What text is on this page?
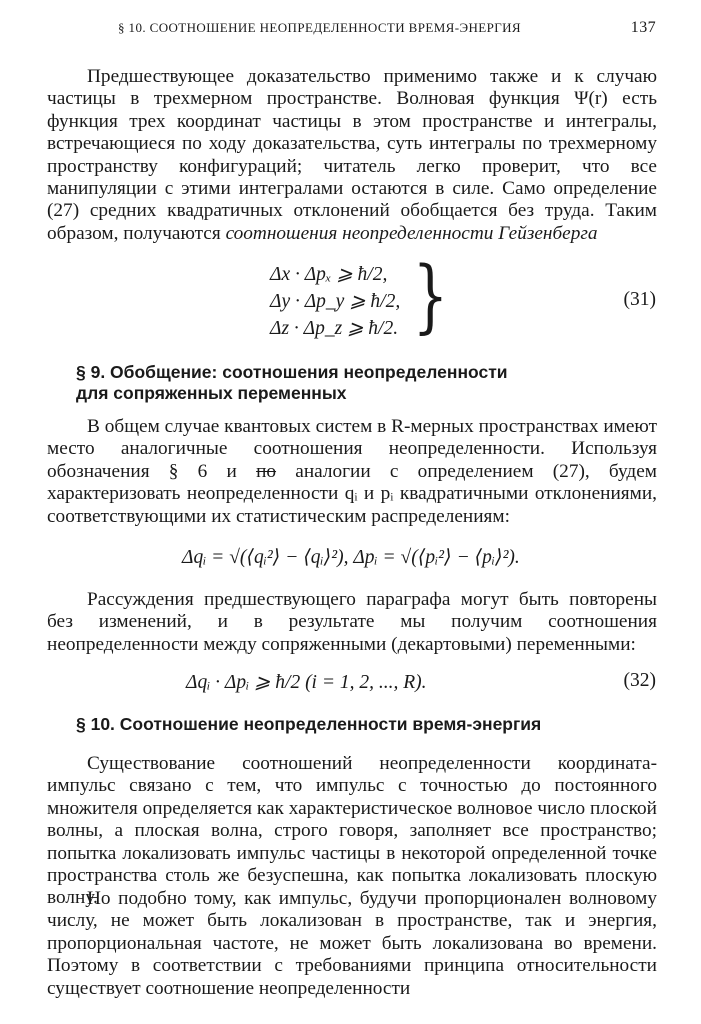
§ 10. СООТНОШЕНИЕ НЕОПРЕДЕЛЕННОСТИ ВРЕМЯ-ЭНЕРГИЯ	137

Предшествующее доказательство применимо также и к случаю частицы в трехмерном пространстве. Волновая функция Ψ(r) есть функция трех координат частицы в этом пространстве и интегралы, встречающиеся по ходу доказательства, суть интегралы по трехмерному пространству конфигураций; читатель легко проверит, что все манипуляции с этими интегралами остаются в силе. Само определение (27) средних квадратичных отклонений обобщается без труда. Таким образом, получаются соотношения неопределенности Гейзенберга

Δx · Δpₓ ⩾ ħ/2,
Δy · Δp_y ⩾ ħ/2,
Δz · Δp_z ⩾ ħ/2. }	(31)

§ 9. Обобщение: соотношения неопределенности
для сопряженных переменных

В общем случае квантовых систем в R-мерных пространствах имеют место аналогичные соотношения неопределенности. Используя обозначения § 6 и по аналогии с определением (27), будем характеризовать неопределенности qᵢ и pᵢ квадратичными отклонениями, соответствующими их статистическим распределениям:

Δqᵢ = √(⟨qᵢ²⟩ − ⟨qᵢ⟩²), Δpᵢ = √(⟨pᵢ²⟩ − ⟨pᵢ⟩²).

Рассуждения предшествующего параграфа могут быть повторены без изменений, и в результате мы получим соотношения неопределенности между сопряженными (декартовыми) переменными:

Δqᵢ · Δpᵢ ⩾ ħ/2 (i = 1, 2, ..., R).	(32)

§ 10. Соотношение неопределенности время-энергия

Существование соотношений неопределенности координата-импульс связано с тем, что импульс с точностью до постоянного множителя определяется как характеристическое волновое число плоской волны, а плоская волна, строго говоря, заполняет все пространство; попытка локализовать импульс частицы в некоторой определенной точке пространства столь же безуспешна, как попытка локализовать плоскую волну.

Но подобно тому, как импульс, будучи пропорционален волновому числу, не может быть локализован в пространстве, так и энергия, пропорциональная частоте, не может быть локализована во времени. Поэтому в соответствии с требованиями принципа относительности существует соотношение неопределенности
